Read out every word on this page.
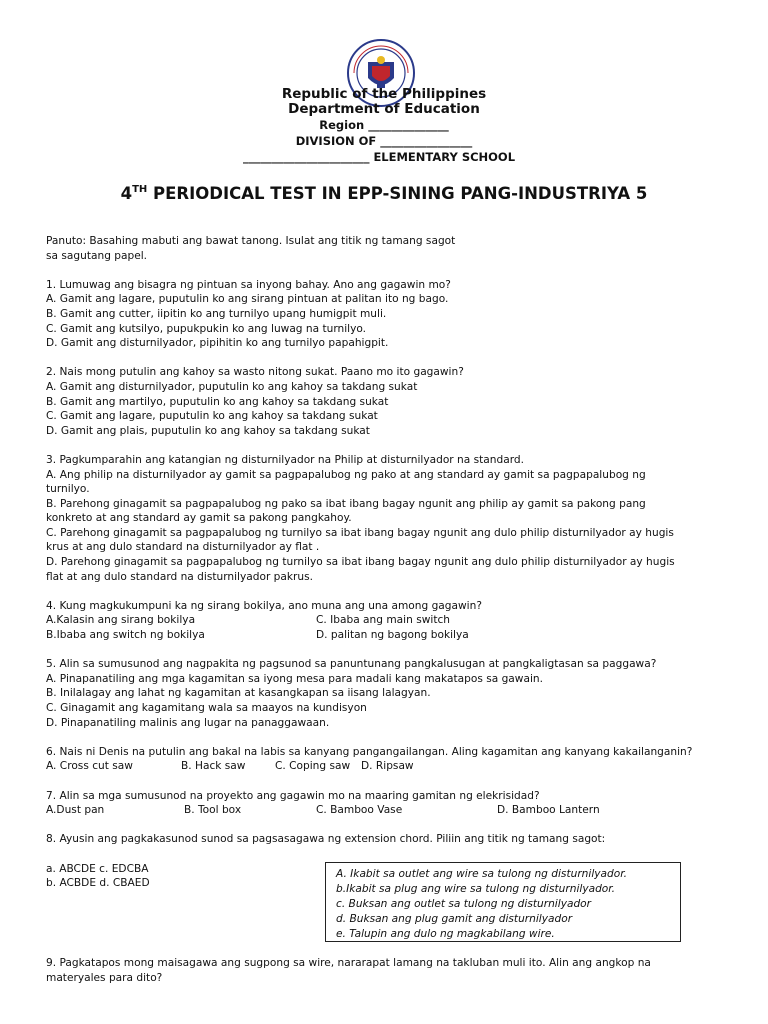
Republic of the Philippines
Department of Education
Region ______________
DIVISION OF ________________
______________________ ELEMENTARY SCHOOL
4TH PERIODICAL TEST IN EPP-SINING PANG-INDUSTRIYA 5

Panuto: Basahing mabuti ang bawat tanong. Isulat ang titik ng tamang sagot

sa sagutang papel.

1. Lumuwag ang bisagra ng pintuan sa inyong bahay. Ano ang gagawin mo?

A. Gamit ang lagare, puputulin ko ang sirang pintuan at palitan ito ng bago.

B. Gamit ang cutter, iipitin ko ang turnilyo upang humigpit muli.

C. Gamit ang kutsilyo, pupukpukin ko ang luwag na turnilyo.

D. Gamit ang disturnilyador, pipihitin ko ang turnilyo papahigpit.

2. Nais mong putulin ang kahoy sa wasto nitong sukat. Paano mo ito gagawin?

A. Gamit ang disturnilyador, puputulin ko ang kahoy sa takdang sukat

B. Gamit ang martilyo, puputulin ko ang kahoy sa takdang sukat

C. Gamit ang lagare, puputulin ko ang kahoy sa takdang sukat

D. Gamit ang plais, puputulin ko ang kahoy sa takdang sukat

3. Pagkumparahin ang katangian ng disturnilyador na Philip at disturnilyador na standard.

A. Ang philip na disturnilyador ay gamit sa pagpapalubog ng pako at ang standard ay gamit sa pagpapalubog ng

turnilyo.

B. Parehong ginagamit sa pagpapalubog ng pako sa ibat ibang bagay ngunit ang philip ay gamit sa pakong pang

konkreto at ang standard ay gamit sa pakong pangkahoy.

C. Parehong ginagamit sa pagpapalubog ng turnilyo sa ibat ibang bagay ngunit ang dulo philip disturnilyador ay hugis

krus at ang dulo standard na disturnilyador ay flat .

D. Parehong ginagamit sa pagpapalubog ng turnilyo sa ibat ibang bagay ngunit ang dulo philip disturnilyador ay hugis

flat at ang dulo standard na disturnilyador pakrus.

4. Kung magkukumpuni ka ng sirang bokilya, ano muna ang una among gagawin?

A.Kalasin ang sirang bokilya	C. Ibaba ang main switch
B.Ibaba ang switch ng bokilya	D. palitan ng bagong bokilya

5. Alin sa sumusunod ang nagpakita ng pagsunod sa panuntunang pangkalusugan at pangkaligtasan sa paggawa?

A. Pinapanatiling ang mga kagamitan sa iyong mesa para madali kang makatapos sa gawain.

B. Inilalagay ang lahat ng kagamitan at kasangkapan sa iisang lalagyan.

C. Ginagamit ang kagamitang wala sa maayos na kundisyon

D. Pinapanatiling malinis ang lugar na panaggawaan.

6. Nais ni Denis na putulin ang bakal na labis sa kanyang pangangailangan. Aling kagamitan ang kanyang kakailanganin?

A. Cross cut saw	B. Hack saw	C. Coping saw	D. Ripsaw

7. Alin sa mga sumusunod na proyekto ang gagawin mo na maaring gamitan ng elekrisidad?

A.Dust pan	B. Tool box	C. Bamboo Vase	D. Bamboo Lantern

8. Ayusin ang pagkakasunod sunod sa pagsasagawa ng extension chord. Piliin ang titik ng tamang sagot:

a. ABCDE c. EDCBA

b. ACBDE d. CBAED

A. Ikabit sa outlet ang wire sa tulong ng disturnilyador.

b.Ikabit sa plug ang wire sa tulong ng disturnilyador.

c. Buksan ang outlet sa tulong ng disturnilyador

d. Buksan ang plug gamit ang disturnilyador

e. Talupin ang dulo ng magkabilang wire.

9. Pagkatapos mong maisagawa ang sugpong sa wire, nararapat lamang na takluban muli ito. Alin ang angkop na

materyales para dito?
